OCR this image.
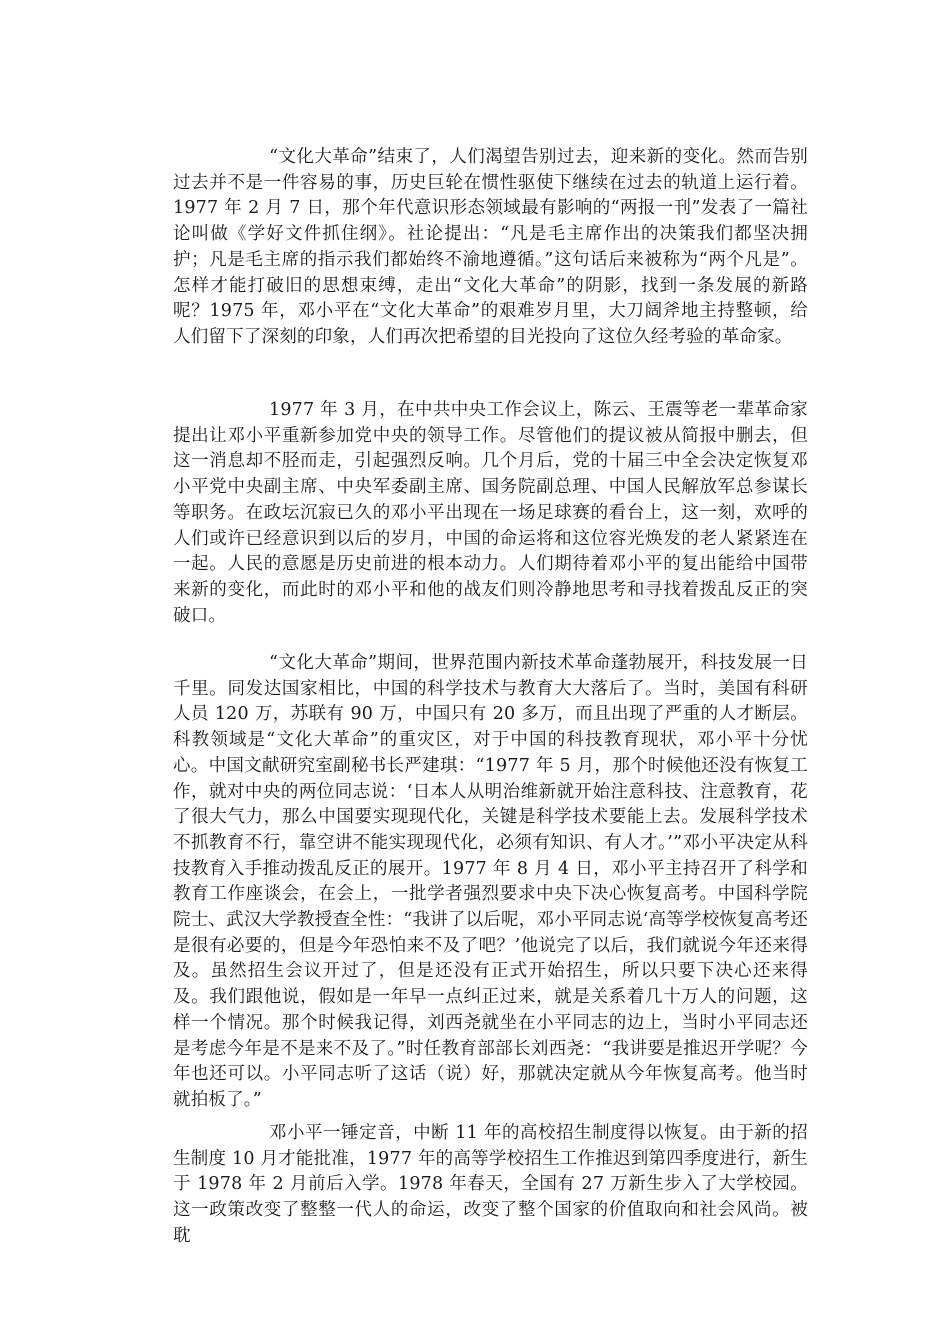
“文化大革命”结束了，人们渴望告别过去，迎来新的变化。然而告别过去并不是一件容易的事，历史巨轮在惯性驱使下继续在过去的轨道上运行着。1977 年 2 月 7 日，那个年代意识形态领域最有影响的“两报一刊”发表了一篇社论叫做《学好文件抓住纲》。社论提出：“凡是毛主席作出的决策我们都坚决拥护；凡是毛主席的指示我们都始终不渝地遵循。”这句话后来被称为“两个凡是”。怎样才能打破旧的思想束缚，走出“文化大革命”的阴影，找到一条发展的新路呢？1975 年，邓小平在“文化大革命”的艰难岁月里，大刀阔斧地主持整顿，给人们留下了深刻的印象，人们再次把希望的目光投向了这位久经考验的革命家。

1977 年 3 月，在中共中央工作会议上，陈云、王震等老一辈革命家提出让邓小平重新参加党中央的领导工作。尽管他们的提议被从简报中删去，但这一消息却不胫而走，引起强烈反响。几个月后，党的十届三中全会决定恢复邓小平党中央副主席、中央军委副主席、国务院副总理、中国人民解放军总参谋长等职务。在政坛沉寂已久的邓小平出现在一场足球赛的看台上，这一刻，欢呼的人们或许已经意识到以后的岁月，中国的命运将和这位容光焕发的老人紧紧连在一起。人民的意愿是历史前进的根本动力。人们期待着邓小平的复出能给中国带来新的变化，而此时的邓小平和他的战友们则冷静地思考和寻找着拨乱反正的突破口。

“文化大革命”期间，世界范围内新技术革命蓬勃展开，科技发展一日千里。同发达国家相比，中国的科学技术与教育大大落后了。当时，美国有科研人员 120 万，苏联有 90 万，中国只有 20 多万，而且出现了严重的人才断层。科教领域是“文化大革命”的重灾区，对于中国的科技教育现状，邓小平十分忧心。中国文献研究室副秘书长严建琪：“1977 年 5 月，那个时候他还没有恢复工作，就对中央的两位同志说：‘日本人从明治维新就开始注意科技、注意教育，花了很大气力，那么中国要实现现代化，关键是科学技术要能上去。发展科学技术不抓教育不行，靠空讲不能实现现代化，必须有知识、有人才。’”邓小平决定从科技教育入手推动拨乱反正的展开。1977 年 8 月 4 日，邓小平主持召开了科学和教育工作座谈会，在会上，一批学者强烈要求中央下决心恢复高考。中国科学院院士、武汉大学教授查全性：“我讲了以后呢，邓小平同志说‘高等学校恢复高考还是很有必要的，但是今年恐怕来不及了吧？’他说完了以后，我们就说今年还来得及。虽然招生会议开过了，但是还没有正式开始招生，所以只要下决心还来得及。我们跟他说，假如是一年早一点纠正过来，就是关系着几十万人的问题，这样一个情况。那个时候我记得，刘西尧就坐在小平同志的边上，当时小平同志还是考虑今年是不是来不及了。”时任教育部部长刘西尧：“我讲要是推迟开学呢？今年也还可以。小平同志听了这话（说）好，那就决定就从今年恢复高考。他当时就拍板了。”

邓小平一锤定音，中断 11 年的高校招生制度得以恢复。由于新的招生制度 10 月才能批准，1977 年的高等学校招生工作推迟到第四季度进行，新生于 1978 年 2 月前后入学。1978 年春天，全国有 27 万新生步入了大学校园。这一政策改变了整整一代人的命运，改变了整个国家的价值取向和社会风尚。被耽
